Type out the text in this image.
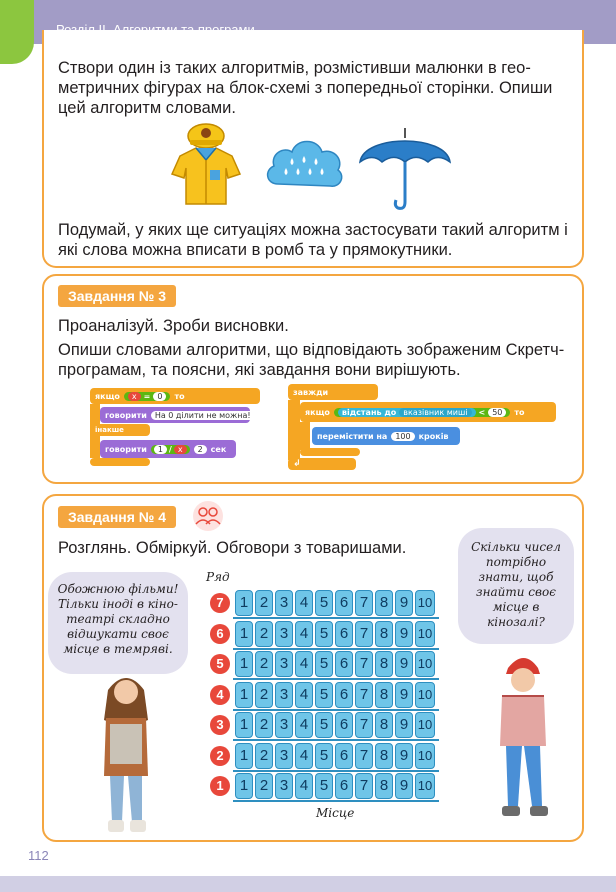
Створи один із таких алгоритмів, розмістивши малюнки в геометричних фігурах на блок-схемі з попередньої сторінки. Опиши цей алгоритм словами.
Подумай, у яких ще ситуаціях можна застосувати такий алгоритм і які слова можна вписати в ромб та у прямокутники.
Завдання № 3
Проаналізуй. Зроби висновки.
Опиши словами алгоритми, що відповідають зображеним Скретч-програмам, та поясни, які завдання вони вирішують.
якщо	x = 0	то
говорити	На 0 ділити не можна!
інакше
говорити	1 / x	2	сек
завжди
якщо відстань до вказівник миші	< 50	то
перемістити на	100	кроків
↲
Завдання № 4
Розглянь. Обміркуй. Обговори з товаришами.
Обожнюю фільми! Тільки іноді в кінотеатрі складно відшукати своє місце в темряві.
Скільки чисел потрібно знати, щоб знайти своє місце в кінозалі?
Ряд
7	1 2 3 4 5 6 7 8 9 10
6	1 2 3 4 5 6 7 8 9 10
5	1 2 3 4 5 6 7 8 9 10
4	1 2 3 4 5 6 7 8 9 10
3	1 2 3 4 5 6 7 8 9 10
2	1 2 3 4 5 6 7 8 9 10
1	1 2 3 4 5 6 7 8 9 10
Місце
112
